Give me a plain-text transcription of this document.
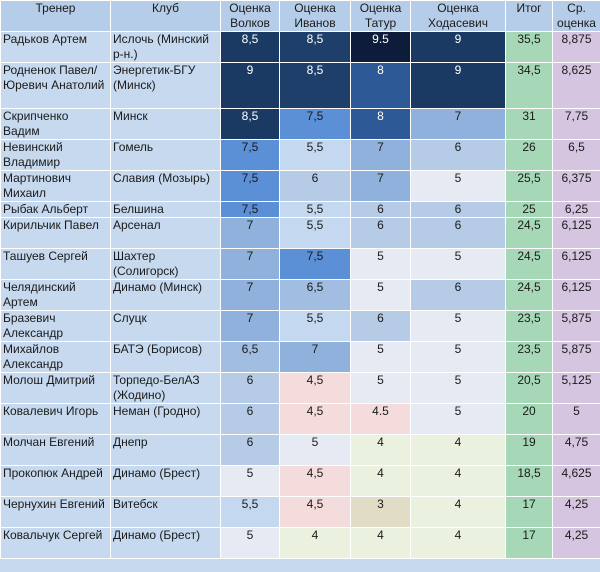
Тренер	Клуб	Оценка Волков	Оценка Иванов	Оценка Татур	Оценка Ходасевич	Итог	Ср. оценка
Радьков Артем	Ислочь (Минский р-н.)	8,5	8,5	9.5	9	35,5	8,875
Родненок Павел/ Юревич Анатолий	Энергетик-БГУ (Минск)	9	8,5	8	9	34,5	8,625
Скрипченко Вадим	Минск	8,5	7,5	8	7	31	7,75
Невинский Владимир	Гомель	7,5	5,5	7	6	26	6,5
Мартинович Михаил	Славия (Мозырь)	7,5	6	7	5	25,5	6,375
Рыбак Альберт	Белшина	7,5	5,5	6	6	25	6,25
Кирильчик Павел	Арсенал	7	5,5	6	6	24,5	6,125
Ташуев Сергей	Шахтер (Солигорск)	7	7,5	5	5	24,5	6,125
Челядинский Артем	Динамо (Минск)	7	6,5	5	6	24,5	6,125
Бразевич Александр	Слуцк	7	5,5	6	5	23,5	5,875
Михайлов Александр	БАТЭ (Борисов)	6,5	7	5	5	23,5	5,875
Молош Дмитрий	Торпедо-БелАЗ (Жодино)	6	4,5	5	5	20,5	5,125
Ковалевич Игорь	Неман (Гродно)	6	4,5	4.5	5	20	5
Молчан Евгений	Днепр	6	5	4	4	19	4,75
Прокопюк Андрей	Динамо (Брест)	5	4,5	4	4	18,5	4,625
Чернухин Евгений	Витебск	5,5	4,5	3	4	17	4,25
Ковальчук Сергей	Динамо (Брест)	5	4	4	4	17	4,25
